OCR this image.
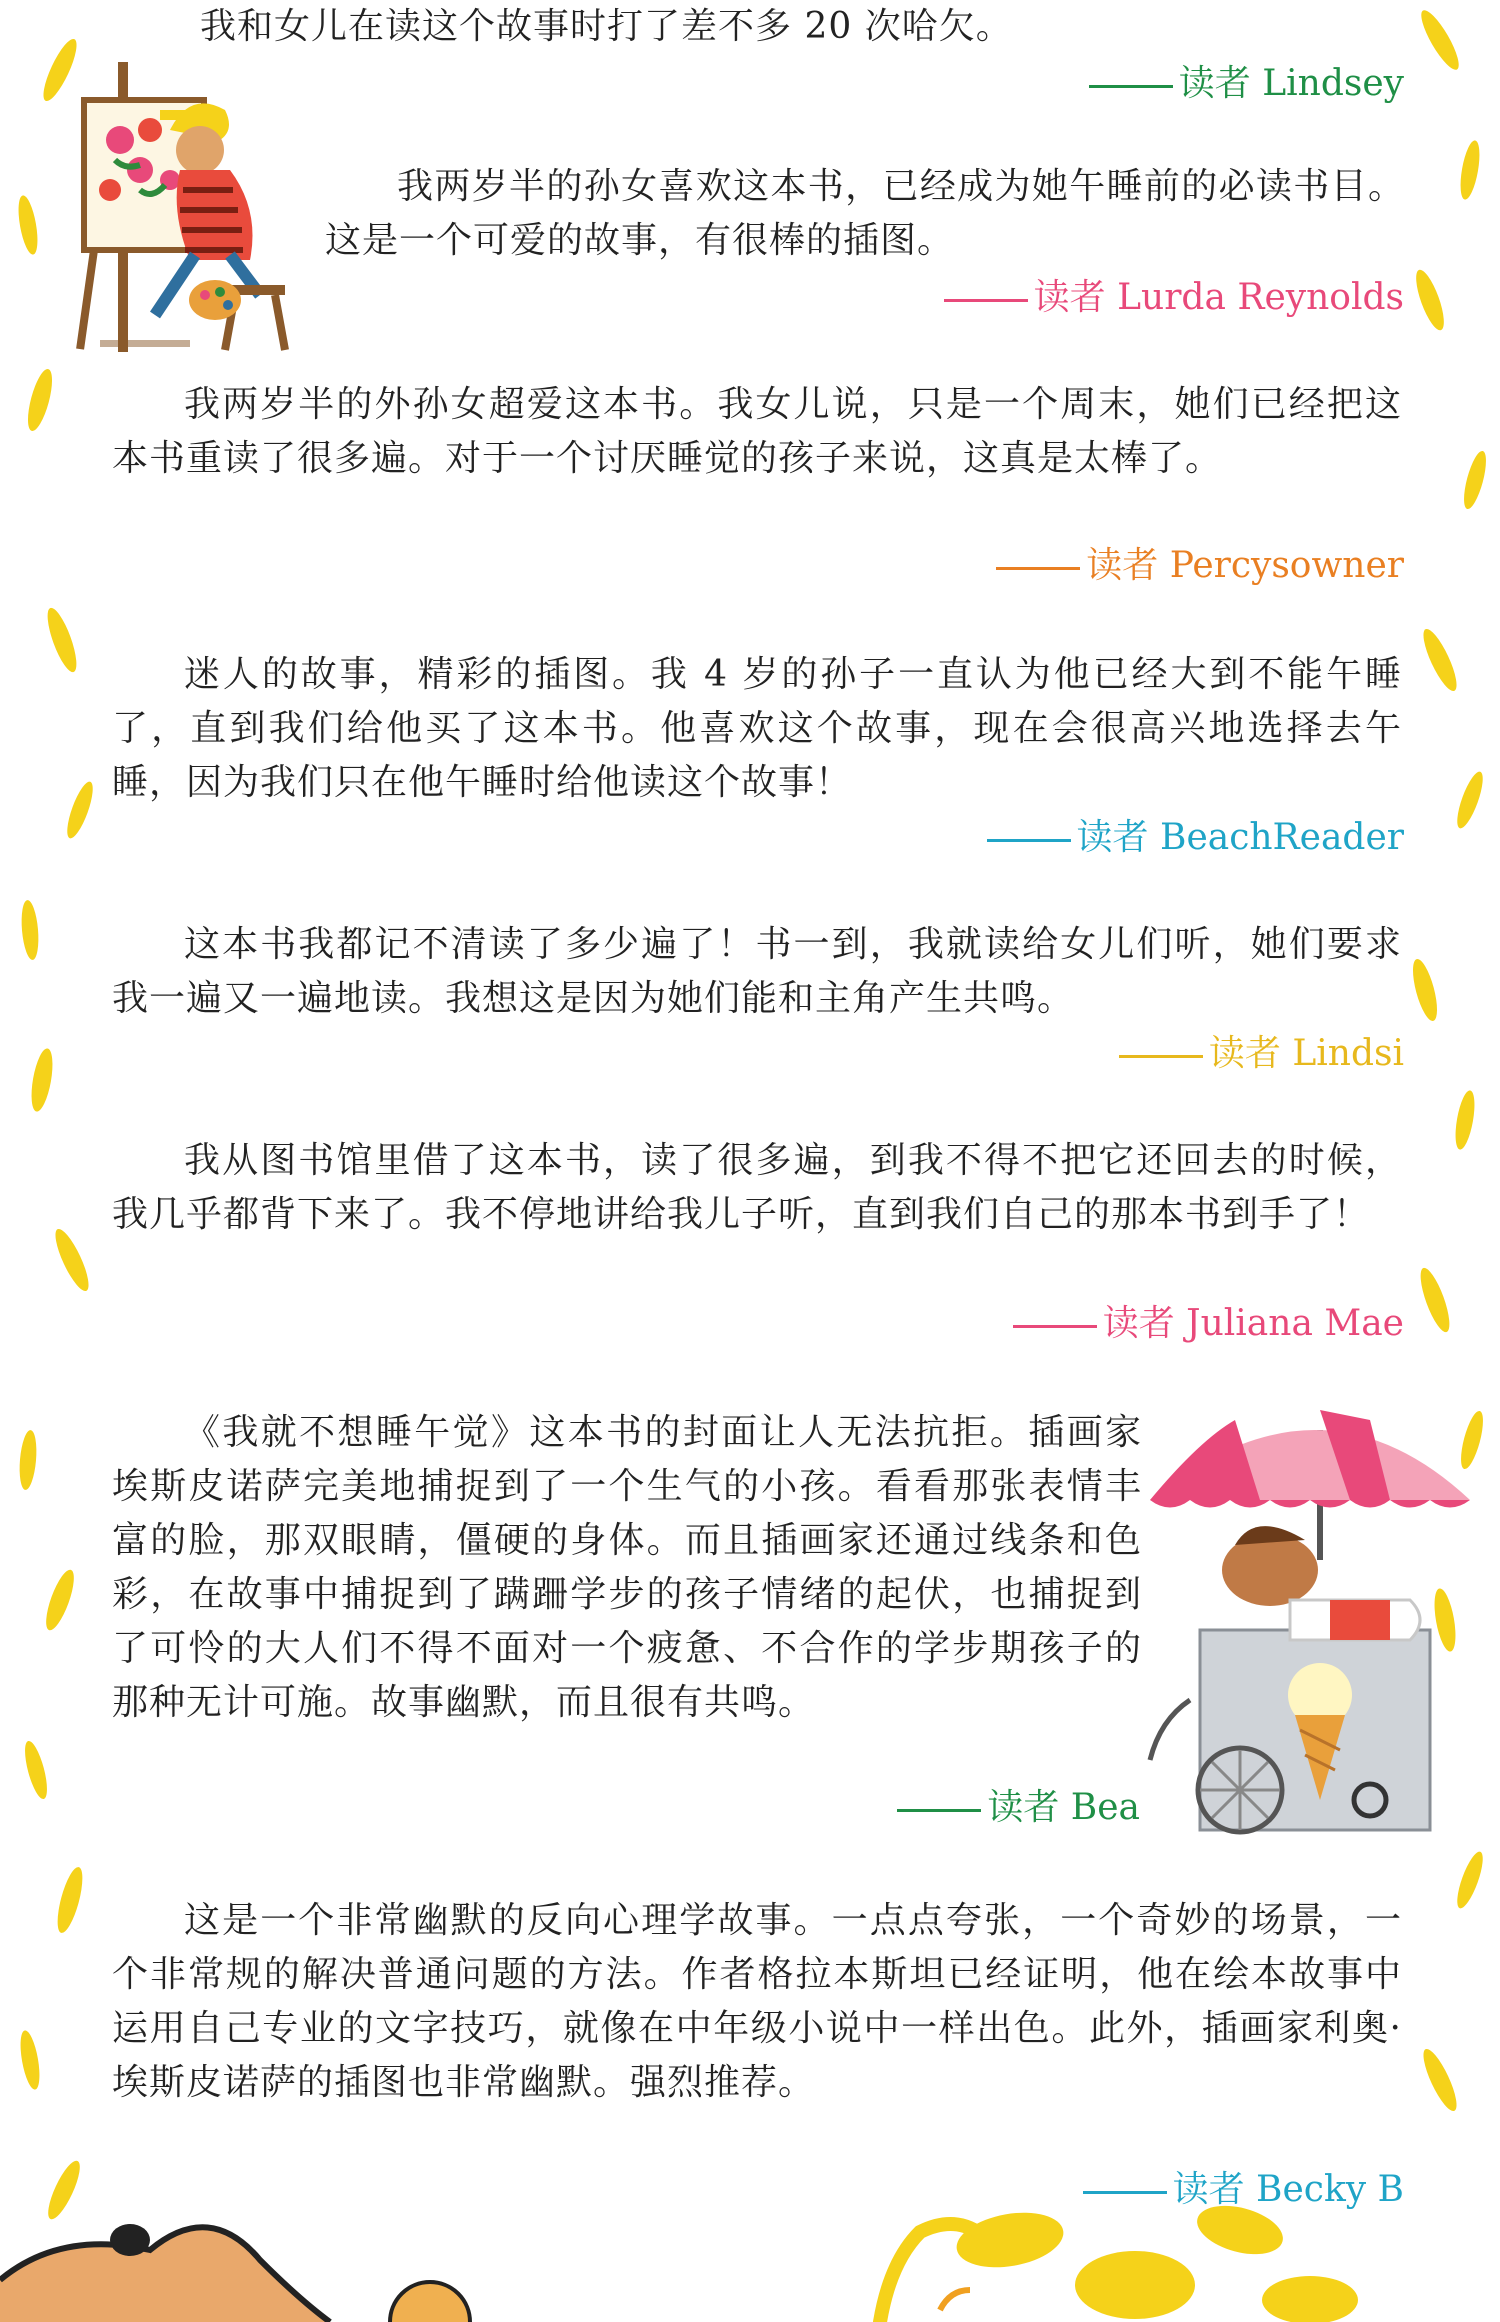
我和女儿在读这个故事时打了差不多 20 次哈欠。

读者 Lindsey

我两岁半的孙女喜欢这本书，已经成为她午睡前的必读书目。这是一个可爱的故事，有很棒的插图。

读者 Lurda Reynolds

我两岁半的外孙女超爱这本书。我女儿说，只是一个周末，她们已经把这本书重读了很多遍。对于一个讨厌睡觉的孩子来说，这真是太棒了。

读者 Percysowner

迷人的故事，精彩的插图。我 4 岁的孙子一直认为他已经大到不能午睡了，直到我们给他买了这本书。他喜欢这个故事，现在会很高兴地选择去午睡，因为我们只在他午睡时给他读这个故事！

读者 BeachReader

这本书我都记不清读了多少遍了！书一到，我就读给女儿们听，她们要求我一遍又一遍地读。我想这是因为她们能和主角产生共鸣。

读者 Lindsi

我从图书馆里借了这本书，读了很多遍，到我不得不把它还回去的时候，我几乎都背下来了。我不停地讲给我儿子听，直到我们自己的那本书到手了！

读者 Juliana Mae

《我就不想睡午觉》这本书的封面让人无法抗拒。插画家埃斯皮诺萨完美地捕捉到了一个生气的小孩。看看那张表情丰富的脸，那双眼睛，僵硬的身体。而且插画家还通过线条和色彩，在故事中捕捉到了蹒跚学步的孩子情绪的起伏，也捕捉到了可怜的大人们不得不面对一个疲惫、不合作的学步期孩子的那种无计可施。故事幽默，而且很有共鸣。

读者 Bea

这是一个非常幽默的反向心理学故事。一点点夸张，一个奇妙的场景，一个非常规的解决普通问题的方法。作者格拉本斯坦已经证明，他在绘本故事中运用自己专业的文字技巧，就像在中年级小说中一样出色。此外，插画家利奥·埃斯皮诺萨的插图也非常幽默。强烈推荐。

读者 Becky B
